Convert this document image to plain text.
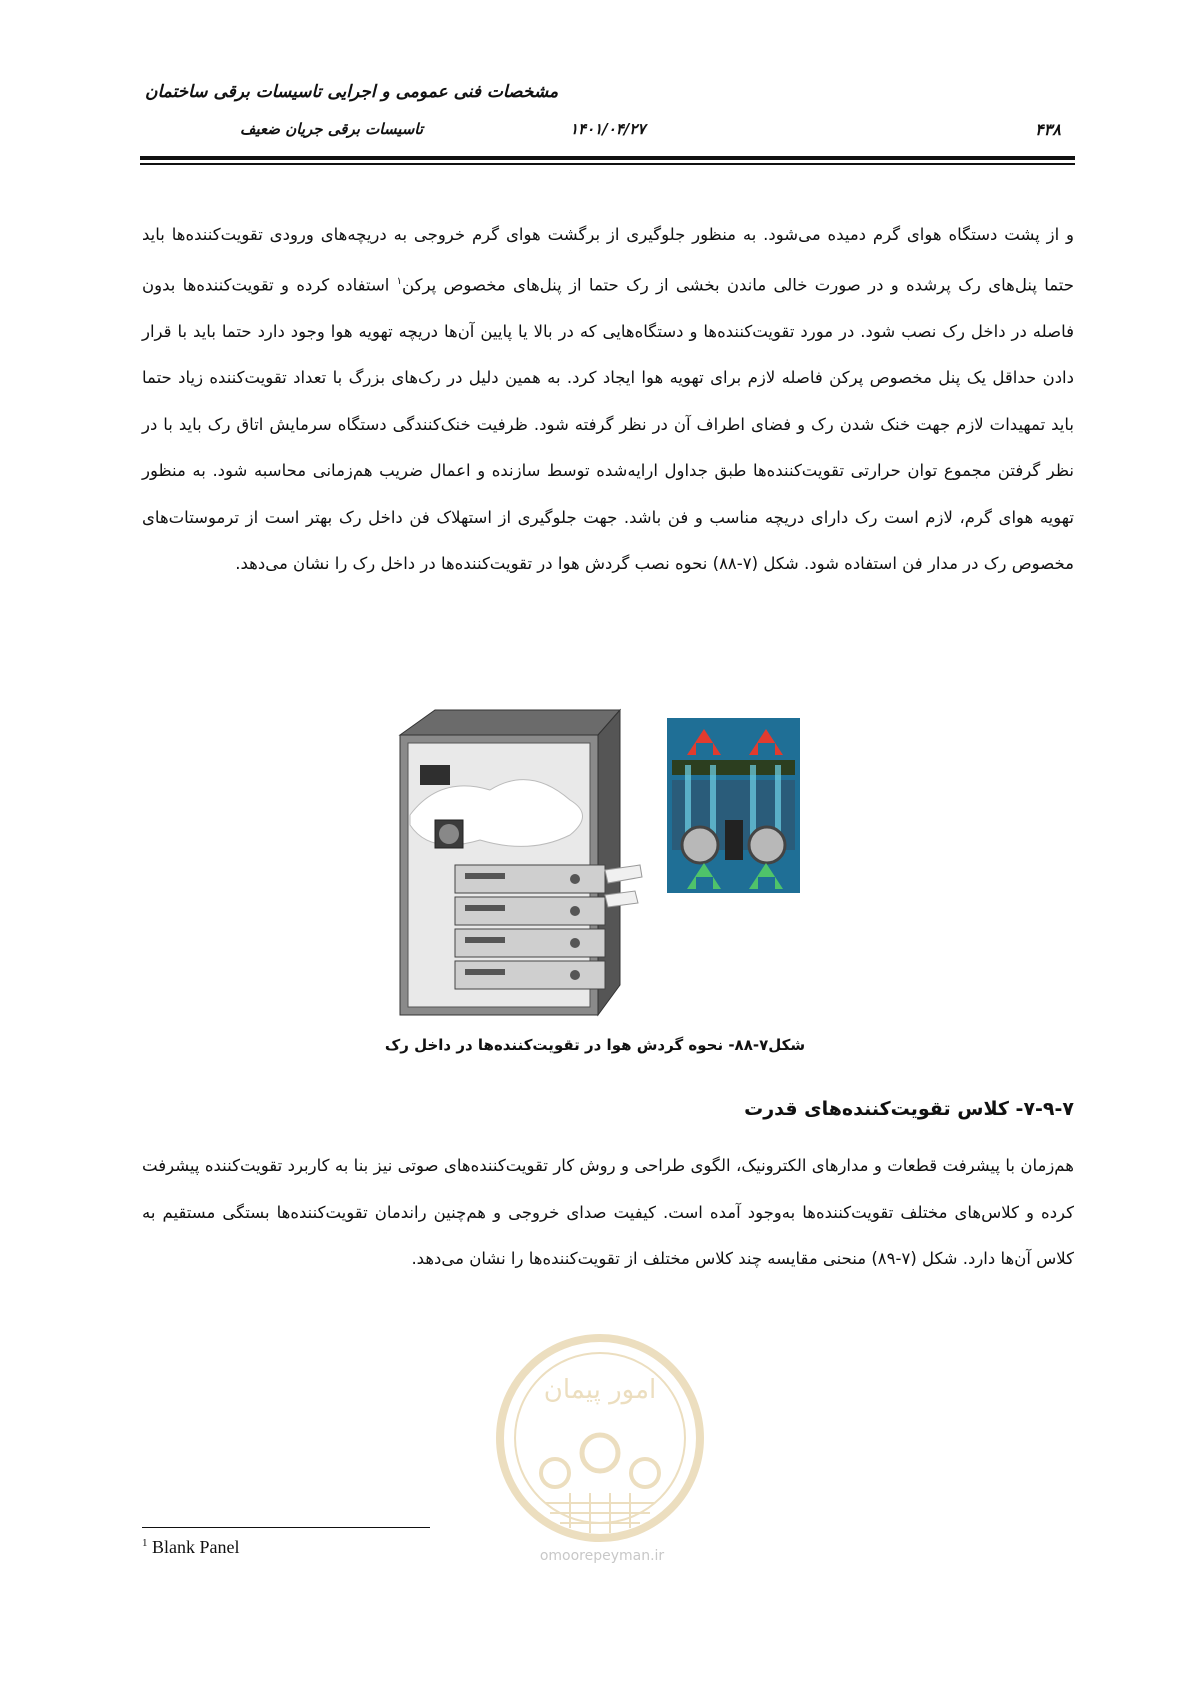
مشخصات فنی عمومی و اجرایی تاسیسات برقی ساختمان
تاسیسات برقی جریان ضعیف	۱۴۰۱/۰۴/۲۷	۴۳۸
و از پشت دستگاه هوای گرم دمیده می‌شود. به منظور جلوگیری از برگشت هوای گرم خروجی به دریچه‌های ورودی تقویت‌کننده‌ها باید حتما پنل‌های رک پرشده و در صورت خالی ماندن بخشی از رک حتما از پنل‌های مخصوص پرکن$^۱$ استفاده کرده و تقویت‌کننده‌ها بدون فاصله در داخل رک نصب شود. در مورد تقویت‌کننده‌ها و دستگاه‌هایی که در بالا یا پایین آن‌ها دریچه تهویه هوا وجود دارد حتما باید با قرار دادن حداقل یک پنل مخصوص پرکن فاصله لازم برای تهویه هوا ایجاد کرد. به همین دلیل در رک‌های بزرگ با تعداد تقویت‌کننده زیاد حتما باید تمهیدات لازم جهت خنک شدن رک و فضای اطراف آن در نظر گرفته شود. ظرفیت خنک‌کنندگی دستگاه سرمایش اتاق رک باید با در نظر گرفتن مجموع توان حرارتی تقویت‌کننده‌ها طبق جداول ارایه‌شده توسط سازنده و اعمال ضریب هم‌زمانی محاسبه شود. به منظور تهویه هوای گرم، لازم است رک دارای دریچه مناسب و فن باشد. جهت جلوگیری از استهلاک فن داخل رک بهتر است از ترموستات‌های مخصوص رک در مدار فن استفاده شود. شکل (۷-۸۸) نحوه نصب گردش هوا در تقویت‌کننده‌ها در داخل رک را نشان می‌دهد.
شکل۷-۸۸- نحوه گردش هوا در تقویت‌کننده‌ها در داخل رک
۷-۹-۷- کلاس تقویت‌کننده‌های قدرت
هم‌زمان با پیشرفت قطعات و مدارهای الکترونیک، الگوی طراحی و روش کار تقویت‌کننده‌های صوتی نیز بنا به کاربرد تقویت‌کننده پیشرفت کرده و کلاس‌های مختلف تقویت‌کننده‌ها به‌وجود آمده است. کیفیت صدای خروجی و هم‌چنین راندمان تقویت‌کننده‌ها بستگی مستقیم به کلاس آن‌ها دارد. شکل (۷-۸۹) منحنی مقایسه چند کلاس مختلف از تقویت‌کننده‌ها را نشان می‌دهد.
امور پیمان
omoorepeyman.ir
$^1$ Blank Panel
